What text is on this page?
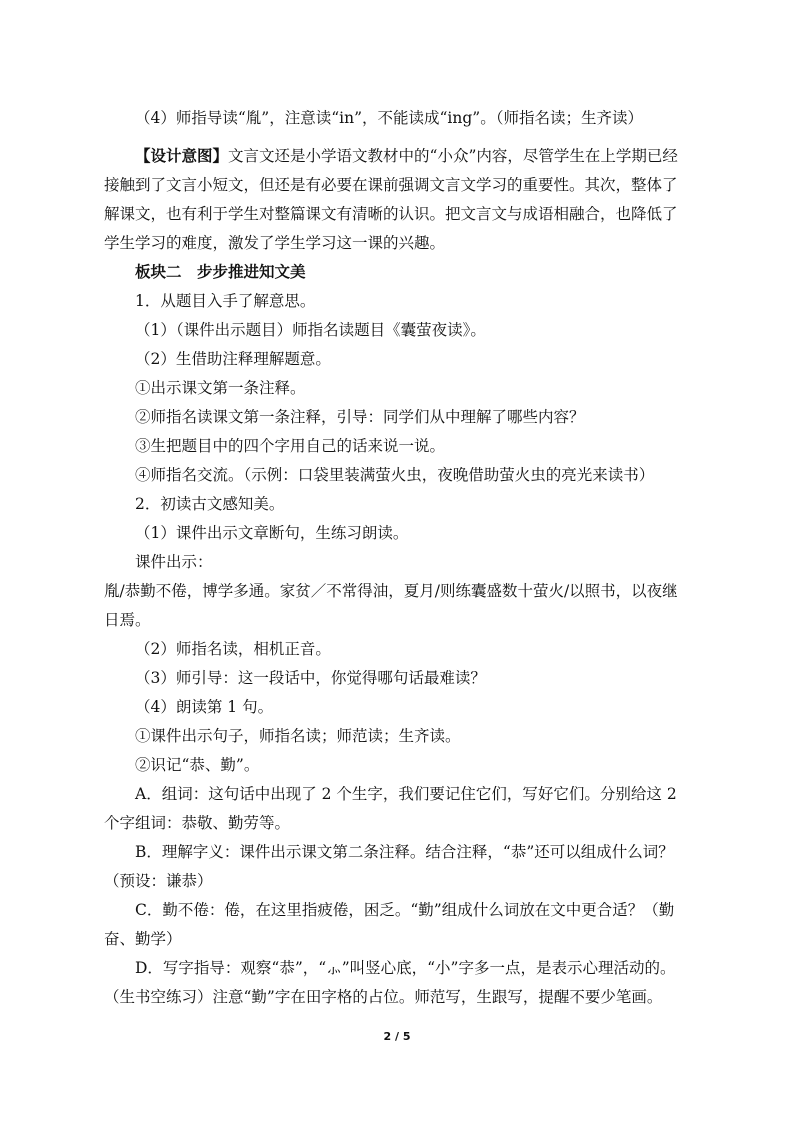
（4）师指导读“胤”，注意读“in”，不能读成“ing”。（师指名读；生齐读）

【设计意图】文言文还是小学语文教材中的“小众”内容，尽管学生在上学期已经接触到了文言小短文，但还是有必要在课前强调文言文学习的重要性。其次，整体了解课文，也有利于学生对整篇课文有清晰的认识。把文言文与成语相融合，也降低了学生学习的难度，激发了学生学习这一课的兴趣。

板块二　步步推进知文美

1．从题目入手了解意思。

（1）（课件出示题目）师指名读题目《囊萤夜读》。

（2）生借助注释理解题意。

①出示课文第一条注释。

②师指名读课文第一条注释，引导：同学们从中理解了哪些内容？

③生把题目中的四个字用自己的话来说一说。

④师指名交流。（示例：口袋里装满萤火虫，夜晚借助萤火虫的亮光来读书）

2．初读古文感知美。

（1）课件出示文章断句，生练习朗读。

课件出示：

胤/恭勤不倦，博学多通。家贫／不常得油，夏月/则练囊盛数十萤火/以照书，以夜继日焉。

（2）师指名读，相机正音。

（3）师引导：这一段话中，你觉得哪句话最难读？

（4）朗读第 1 句。

①课件出示句子，师指名读；师范读；生齐读。

②识记“恭、勤”。

A．组词：这句话中出现了 2 个生字，我们要记住它们，写好它们。分别给这 2 个字组词：恭敬、勤劳等。

B．理解字义：课件出示课文第二条注释。结合注释，“恭”还可以组成什么词？（预设：谦恭）

C．勤不倦：倦，在这里指疲倦，困乏。“勤”组成什么词放在文中更合适？（勤奋、勤学）

D．写字指导：观察“恭”，“⺗”叫竖心底，“小”字多一点，是表示心理活动的。（生书空练习）注意“勤”字在田字格的占位。师范写，生跟写，提醒不要少笔画。

2 / 5
